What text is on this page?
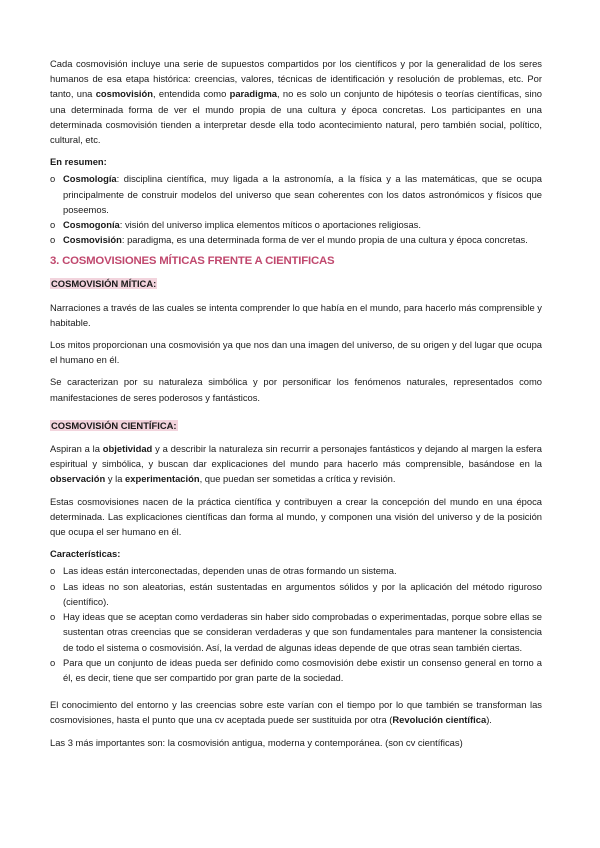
Cada cosmovisión incluye una serie de supuestos compartidos por los científicos y por la generalidad de los seres humanos de esa etapa histórica: creencias, valores, técnicas de identificación y resolución de problemas, etc. Por tanto, una cosmovisión, entendida como paradigma, no es solo un conjunto de hipótesis o teorías científicas, sino una determinada forma de ver el mundo propia de una cultura y época concretas. Los participantes en una determinada cosmovisión tienden a interpretar desde ella todo acontecimiento natural, pero también social, político, cultural, etc.

En resumen:
o Cosmología: disciplina científica, muy ligada a la astronomía, a la física y a las matemáticas, que se ocupa principalmente de construir modelos del universo que sean coherentes con los datos astronómicos y físicos que poseemos.
o Cosmogonía: visión del universo implica elementos míticos o aportaciones religiosas.
o Cosmovisión: paradigma, es una determinada forma de ver el mundo propia de una cultura y época concretas.
3. COSMOVISIONES MÍTICAS FRENTE A CIENTIFICAS
COSMOVISIÓN MÍTICA:

Narraciones a través de las cuales se intenta comprender lo que había en el mundo, para hacerlo más comprensible y habitable.

Los mitos proporcionan una cosmovisión ya que nos dan una imagen del universo, de su origen y del lugar que ocupa el humano en él.

Se caracterizan por su naturaleza simbólica y por personificar los fenómenos naturales, representados como manifestaciones de seres poderosos y fantásticos.

COSMOVISIÓN CIENTÍFICA:

Aspiran a la objetividad y a describir la naturaleza sin recurrir a personajes fantásticos y dejando al margen la esfera espiritual y simbólica, y buscan dar explicaciones del mundo para hacerlo más comprensible, basándose en la observación y la experimentación, que puedan ser sometidas a crítica y revisión.

Estas cosmovisiones nacen de la práctica científica y contribuyen a crear la concepción del mundo en una época determinada. Las explicaciones científicas dan forma al mundo, y componen una visión del universo y de la posición que ocupa el ser humano en él.

Características:
o Las ideas están interconectadas, dependen unas de otras formando un sistema.
o Las ideas no son aleatorias, están sustentadas en argumentos sólidos y por la aplicación del método riguroso (científico).
o Hay ideas que se aceptan como verdaderas sin haber sido comprobadas o experimentadas, porque sobre ellas se sustentan otras creencias que se consideran verdaderas y que son fundamentales para mantener la consistencia de todo el sistema o cosmovisión. Así, la verdad de algunas ideas depende de que otras sean también ciertas.
o Para que un conjunto de ideas pueda ser definido como cosmovisión debe existir un consenso general en torno a él, es decir, tiene que ser compartido por gran parte de la sociedad.

El conocimiento del entorno y las creencias sobre este varían con el tiempo por lo que también se transforman las cosmovisiones, hasta el punto que una cv aceptada puede ser sustituida por otra (Revolución científica).

Las 3 más importantes son: la cosmovisión antigua, moderna y contemporánea. (son cv científicas)
